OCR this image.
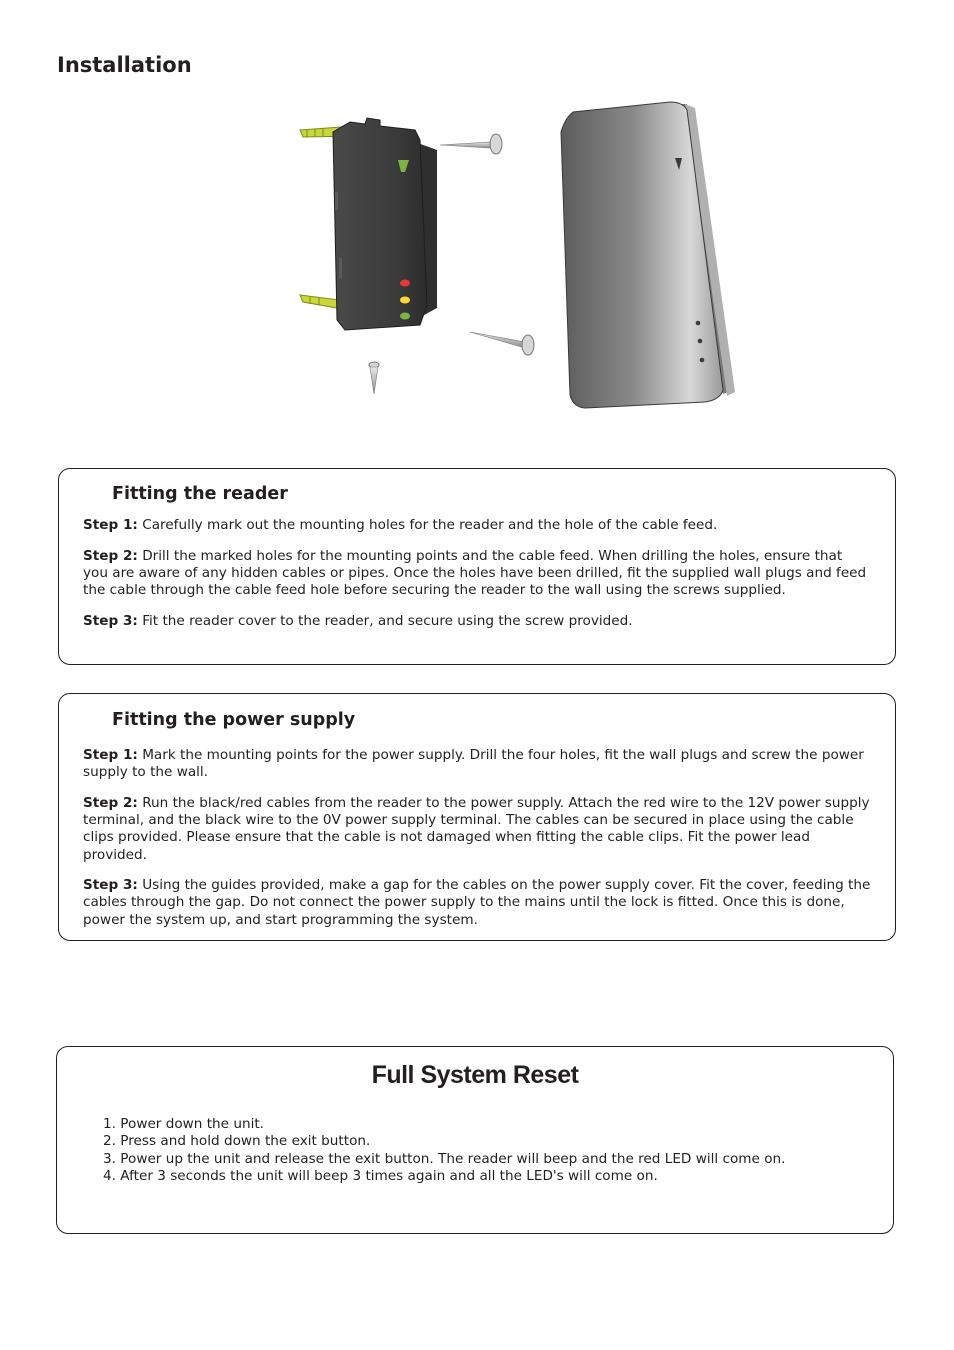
Installation
Fitting the reader

Step 1: Carefully mark out the mounting holes for the reader and the hole of the cable feed.

Step 2: Drill the marked holes for the mounting points and the cable feed. When drilling the holes, ensure that you are aware of any hidden cables or pipes. Once the holes have been drilled, fit the supplied wall plugs and feed the cable through the cable feed hole before securing the reader to the wall using the screws supplied.

Step 3: Fit the reader cover to the reader, and secure using the screw provided.

Fitting the power supply

Step 1: Mark the mounting points for the power supply. Drill the four holes, fit the wall plugs and screw the power supply to the wall.

Step 2: Run the black/red cables from the reader to the power supply. Attach the red wire to the 12V power supply terminal, and the black wire to the 0V power supply terminal. The cables can be secured in place using the cable clips provided. Please ensure that the cable is not damaged when fitting the cable clips. Fit the power lead provided.

Step 3: Using the guides provided, make a gap for the cables on the power supply cover. Fit the cover, feeding the cables through the gap. Do not connect the power supply to the mains until the lock is fitted. Once this is done, power the system up, and start programming the system.

Full System Reset
1. Power down the unit.
2. Press and hold down the exit button.
3. Power up the unit and release the exit button. The reader will beep and the red LED will come on.
4. After 3 seconds the unit will beep 3 times again and all the LED's will come on.
